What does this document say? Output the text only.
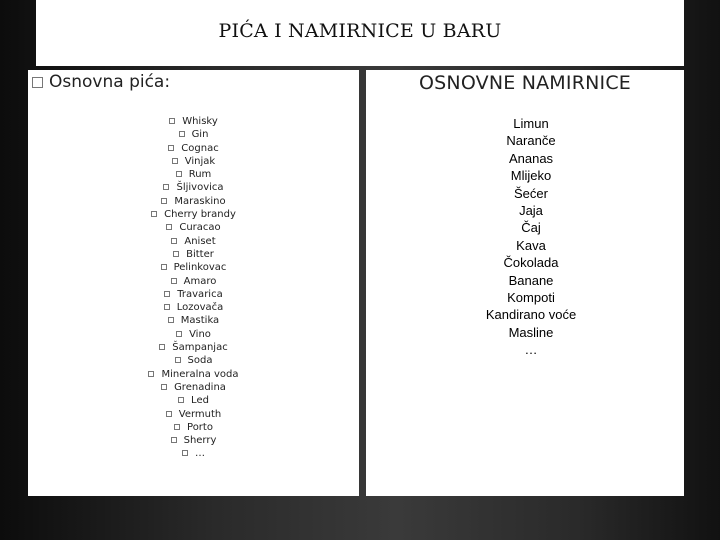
PIĆA I NAMIRNICE U BARU
Osnovna pića:
Whisky
Gin
Cognac
Vinjak
Rum
Šljivovica
Maraskino
Cherry brandy
Curacao
Aniset
Bitter
Pelinkovac
Amaro
Travarica
Lozovača
Mastika
Vino
Šampanjac
Soda
Mineralna voda
Grenadina
Led
Vermuth
Porto
Sherry
…
OSNOVNE NAMIRNICE
Limun
Naranče
Ananas
Mlijeko
Šećer
Jaja
Čaj
Kava
Čokolada
Banane
Kompoti
Kandirano voće
Masline
…
